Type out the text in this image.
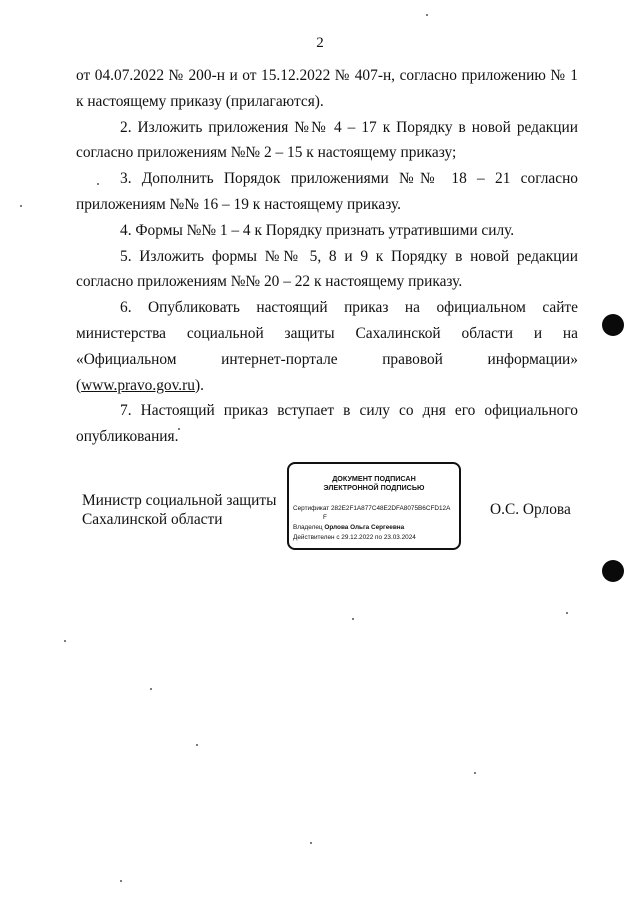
2

от 04.07.2022 № 200-н и от 15.12.2022 № 407-н, согласно приложению № 1 к настоящему приказу (прилагаются).

2. Изложить приложения №№ 4 – 17 к Порядку в новой редакции согласно приложениям №№ 2 – 15 к настоящему приказу;

3. Дополнить Порядок приложениями №№ 18 – 21 согласно приложениям №№ 16 – 19 к настоящему приказу.

4. Формы №№ 1 – 4 к Порядку признать утратившими силу.

5. Изложить формы №№ 5, 8 и 9 к Порядку в новой редакции согласно приложениям №№ 20 – 22 к настоящему приказу.

6. Опубликовать настоящий приказ на официальном сайте министерства социальной защиты Сахалинской области и на «Официальном интернет-портале правовой информации» (www.pravo.gov.ru).

7. Настоящий приказ вступает в силу со дня его официального опубликования.

Министр социальной защиты
Сахалинской области
ДОКУМЕНТ ПОДПИСАН
ЭЛЕКТРОННОЙ ПОДПИСЬЮ
Сертификат 282E2F1A877C48E2DFA8075B6CFD12A
F
Владелец Орлова Ольга Сергеевна
Действителен с 29.12.2022 по 23.03.2024
О.С. Орлова
